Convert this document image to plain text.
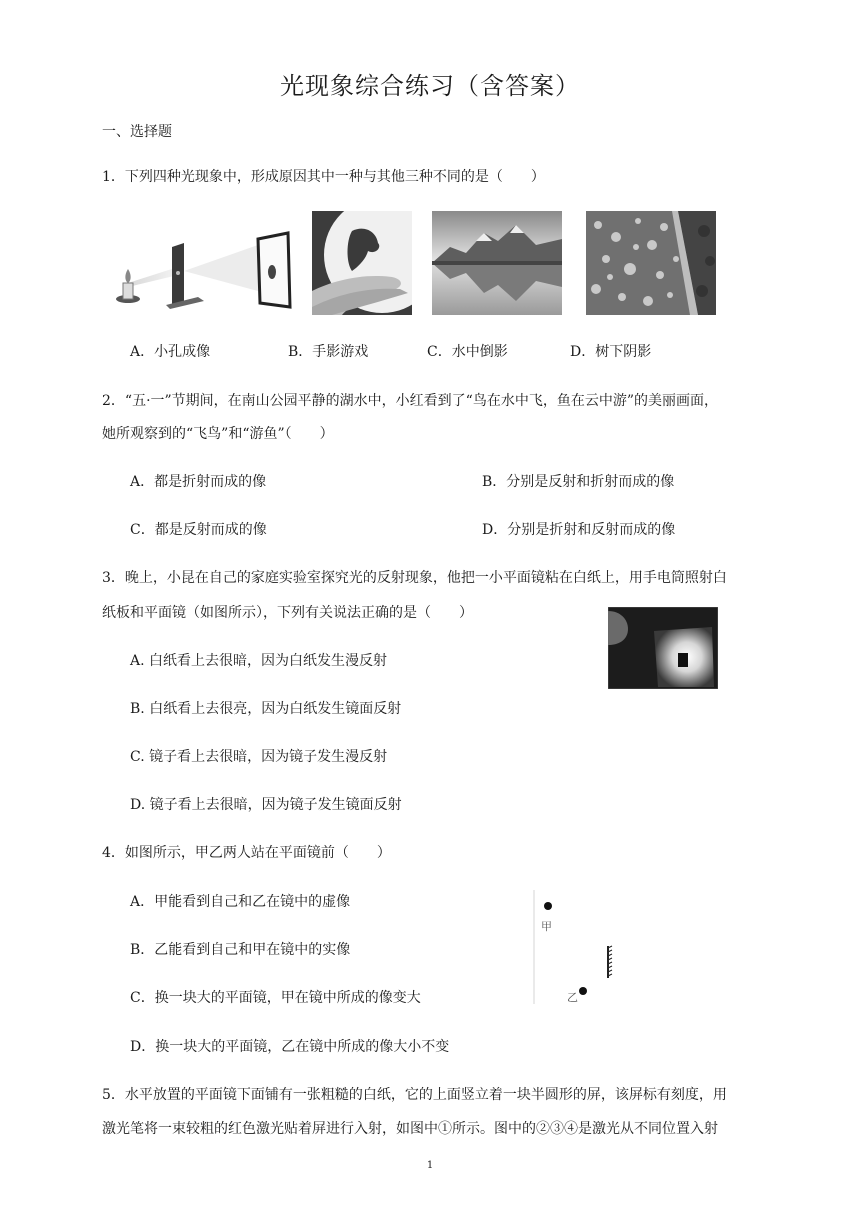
光现象综合练习（含答案）
一、选择题
1．下列四种光现象中，形成原因其中一种与其他三种不同的是（　　）
A．小孔成像	B．手影游戏	C．水中倒影	D．树下阴影
2．“五·一”节期间，在南山公园平静的湖水中，小红看到了“鸟在水中飞，鱼在云中游”的美丽画面，
她所观察到的“飞鸟”和“游鱼”（　　）
A．都是折射而成的像	B．分别是反射和折射而成的像
C．都是反射而成的像	D．分别是折射和反射而成的像
3．晚上，小昆在自己的家庭实验室探究光的反射现象，他把一小平面镜粘在白纸上，用手电筒照射白
纸板和平面镜（如图所示），下列有关说法正确的是（　　）
A. 白纸看上去很暗，因为白纸发生漫反射
B. 白纸看上去很亮，因为白纸发生镜面反射
C. 镜子看上去很暗，因为镜子发生漫反射
D. 镜子看上去很暗，因为镜子发生镜面反射
4．如图所示，甲乙两人站在平面镜前（　　）
A．甲能看到自己和乙在镜中的虚像
B．乙能看到自己和甲在镜中的实像
C．换一块大的平面镜，甲在镜中所成的像变大
D．换一块大的平面镜，乙在镜中所成的像大小不变
甲
乙
5．水平放置的平面镜下面铺有一张粗糙的白纸，它的上面竖立着一块半圆形的屏，该屏标有刻度，用
激光笔将一束较粗的红色激光贴着屏进行入射，如图中①所示。图中的②③④是激光从不同位置入射
1
